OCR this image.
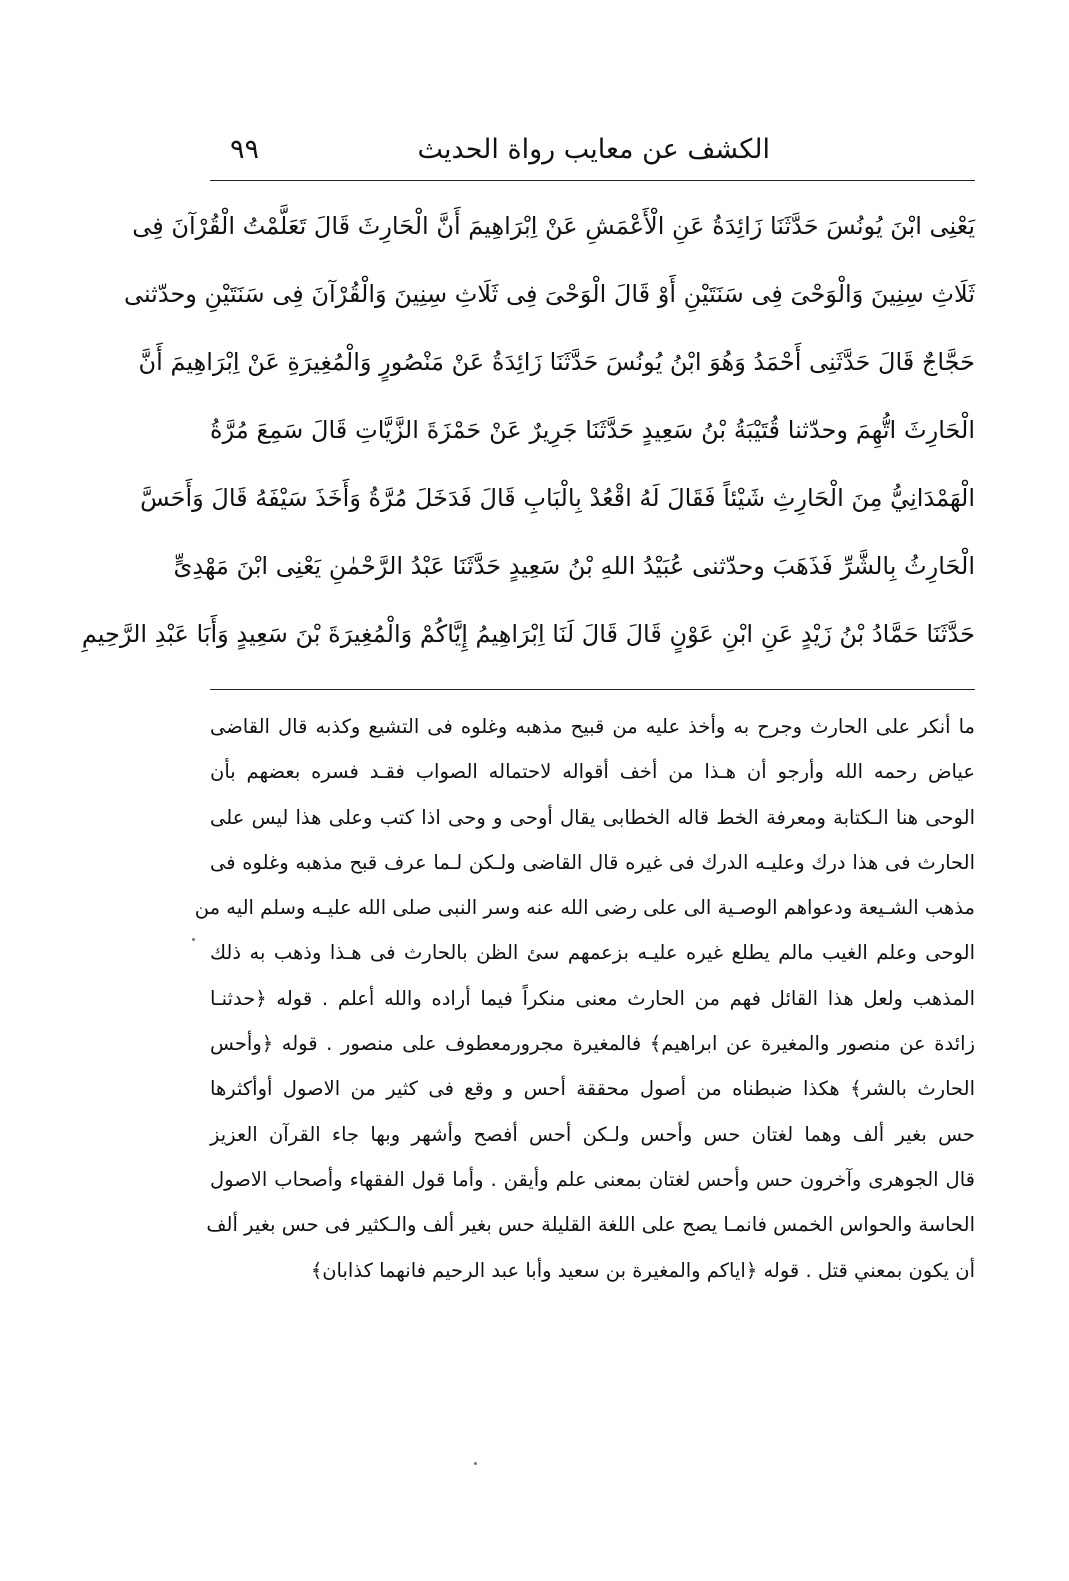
الكشف عن معايب رواة الحديث
٩٩
يَعْنِى ابْنَ يُونُسَ حَدَّثَنَا زَائِدَةُ عَنِ الْأَعْمَشِ عَنْ اِبْرَاهِيمَ أَنَّ الْحَارِثَ قَالَ تَعَلَّمْتُ الْقُرْآنَ فِى
ثَلَاثِ سِنِينَ وَالْوَحْىَ فِى سَنَتَيْنِ أَوْ قَالَ الْوَحْىَ فِى ثَلَاثِ سِنِينَ وَالْقُرْآنَ فِى سَنَتَيْنِ وحدّثنى
حَجَّاجٌ قَالَ حَدَّثَنِى أَحْمَدُ وَهُوَ ابْنُ يُونُسَ حَدَّثَنَا زَائِدَةُ عَنْ مَنْصُورٍ وَالْمُغِيرَةِ عَنْ اِبْرَاهِيمَ أَنَّ
الْحَارِثَ اتُّهِمَ وحدّثنا قُتَيْبَةُ بْنُ سَعِيدٍ حَدَّثَنَا جَرِيرٌ عَنْ حَمْزَةَ الزَّيَّاتِ قَالَ سَمِعَ مُرَّةُ
الْهَمْدَانِيُّ مِنَ الْحَارِثِ شَيْئاً فَقَالَ لَهُ اقْعُدْ بِالْبَابِ قَالَ فَدَخَلَ مُرَّةُ وَأَخَذَ سَيْفَهُ قَالَ وَأَحَسَّ
الْحَارِثُ بِالشَّرِّ فَذَهَبَ وحدّثنى عُبَيْدُ اللهِ بْنُ سَعِيدٍ حَدَّثَنَا عَبْدُ الرَّحْمٰنِ يَعْنِى ابْنَ مَهْدِىٍّ
حَدَّثَنَا حَمَّادُ بْنُ زَيْدٍ عَنِ ابْنِ عَوْنٍ قَالَ قَالَ لَنَا اِبْرَاهِيمُ إِيَّاكُمْ وَالْمُغِيرَةَ بْنَ سَعِيدٍ وَأَبَا عَبْدِ الرَّحِيمِ
ما أنكر على الحارث وجرح به وأخذ عليه من قبيح مذهبه وغلوه فى التشيع وكذبه قال القاضى
عياض رحمه الله وأرجو أن هـذا من أخف أقواله لاحتماله الصواب فقـد فسره بعضهم بأن
الوحى هنا الـكتابة ومعرفة الخط قاله الخطابى يقال أوحى و وحى اذا كتب وعلى هذا ليس على
الحارث فى هذا درك وعليـه الدرك فى غيره قال القاضى ولـكن لـما عرف قبح مذهبه وغلوه فى
مذهب الشـيعة ودعواهم الوصـية الى على رضى الله عنه وسر النبى صلى الله عليـه وسلم اليه من
الوحى وعلم الغيب مالم يطلع غيره عليـه بزعمهم سئ الظن بالحارث فى هـذا وذهب به ذلك
المذهب ولعل هذا القائل فهم من الحارث معنى منكراً فيما أراده والله أعلم . قوله ﴿حدثنـا
زائدة عن منصور والمغيرة عن ابراهيم﴾ فالمغيرة مجرورمعطوف على منصور . قوله ﴿وأحس
الحارث بالشر﴾ هكذا ضبطناه من أصول محققة أحس و وقع فى كثير من الاصول أوأكثرها
حس بغير ألف وهما لغتان حس وأحس ولـكن أحس أفصح وأشهر وبها جاء القرآن العزيز
قال الجوهرى وآخرون حس وأحس لغتان بمعنى علم وأيقن . وأما قول الفقهاء وأصحاب الاصول
الحاسة والحواس الخمس فانمـا يصح على اللغة القليلة حس بغير ألف والـكثير فى حس بغير ألف
أن يكون بمعني قتل . قوله ﴿اياكم والمغيرة بن سعيد وأبا عبد الرحيم فانهما كذابان﴾
